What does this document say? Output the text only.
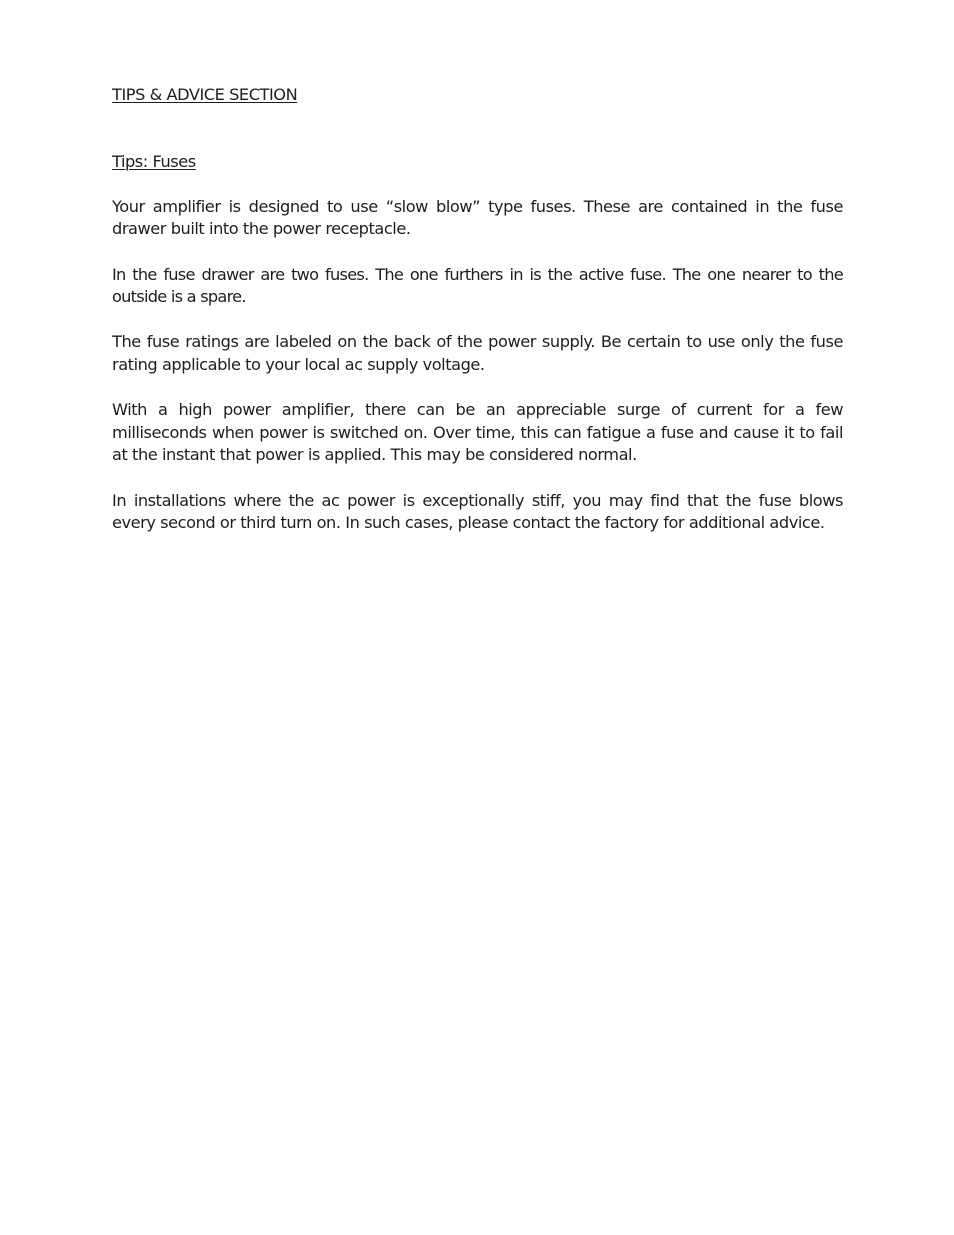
TIPS & ADVICE SECTION
Tips: Fuses

Your amplifier is designed to use “slow blow” type fuses. These are contained in the fuse drawer built into the power receptacle.

In the fuse drawer are two fuses. The one furthers in is the active fuse. The one nearer to the outside is a spare.

The fuse ratings are labeled on the back of the power supply. Be certain to use only the fuse rating applicable to your local ac supply voltage.

With a high power amplifier, there can be an appreciable surge of current for a few milliseconds when power is switched on. Over time, this can fatigue a fuse and cause it to fail at the instant that power is applied. This may be considered normal.

In installations where the ac power is exceptionally stiff, you may find that the fuse blows every second or third turn on. In such cases, please contact the factory for additional advice.
